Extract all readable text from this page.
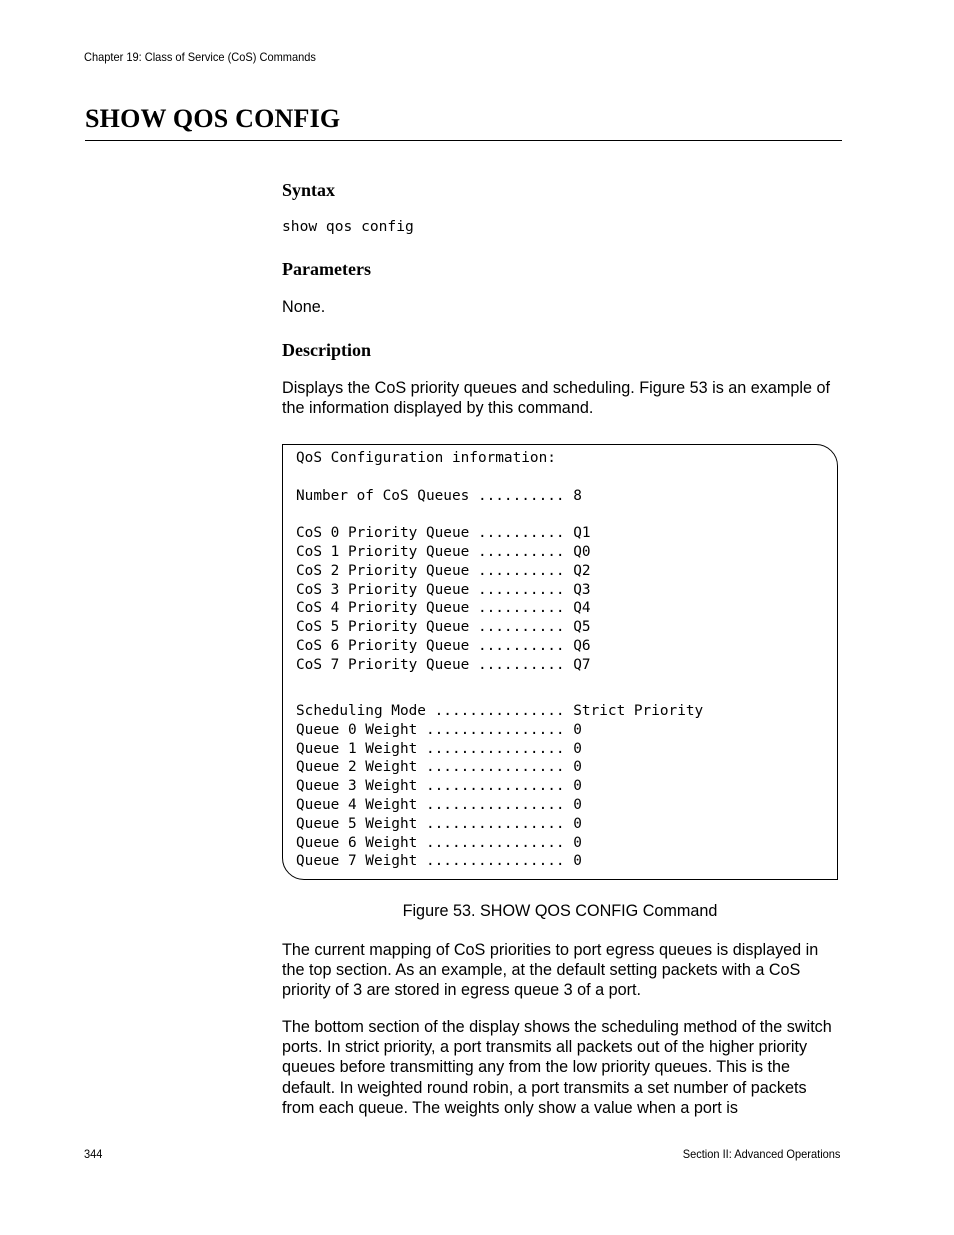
Chapter 19: Class of Service (CoS) Commands
SHOW QOS CONFIG
Syntax
show qos config
Parameters

None.

Description

Displays the CoS priority queues and scheduling. Figure 53 is an example of the information displayed by this command.

QoS Configuration information:

Number of CoS Queues .......... 8

CoS 0 Priority Queue .......... Q1
CoS 1 Priority Queue .......... Q0
CoS 2 Priority Queue .......... Q2
CoS 3 Priority Queue .......... Q3
CoS 4 Priority Queue .......... Q4
CoS 5 Priority Queue .......... Q5
CoS 6 Priority Queue .......... Q6
CoS 7 Priority Queue .......... Q7
Scheduling Mode ............... Strict Priority
Queue 0 Weight ................ 0
Queue 1 Weight ................ 0
Queue 2 Weight ................ 0
Queue 3 Weight ................ 0
Queue 4 Weight ................ 0
Queue 5 Weight ................ 0
Queue 6 Weight ................ 0
Queue 7 Weight ................ 0
Figure 53. SHOW QOS CONFIG Command

The current mapping of CoS priorities to port egress queues is displayed in the top section. As an example, at the default setting packets with a CoS priority of 3 are stored in egress queue 3 of a port.

The bottom section of the display shows the scheduling method of the switch ports. In strict priority, a port transmits all packets out of the higher priority queues before transmitting any from the low priority queues. This is the default. In weighted round robin, a port transmits a set number of packets from each queue. The weights only show a value when a port is

344	Section II: Advanced Operations
